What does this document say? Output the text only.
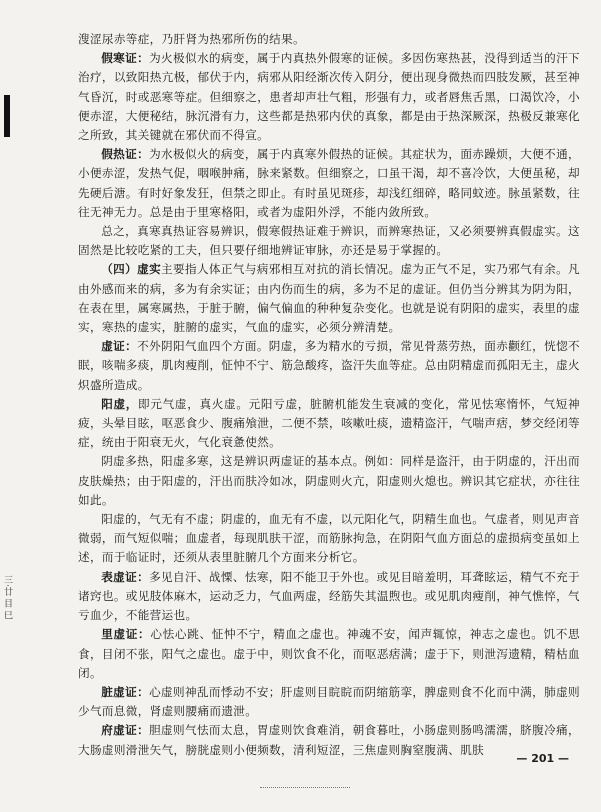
三·廿 目 巳

溲涩尿赤等症，乃肝肾为热邪所伤的结果。

假寒证：为火极似水的病变，属于内真热外假寒的证候。多因伤寒热甚，没得到适当的汗下治疗，以致阳热亢极，郁伏于内，病邪从阳经渐次传入阴分，便出现身微热而四肢发厥，甚至神气昏沉，时或恶寒等症。但细察之，患者却声壮气粗，形强有力，或者唇焦舌黑，口渴饮冷，小便赤涩，大便秘结，脉沉滑有力，这些都是热邪内伏的真象，都是由于热深厥深，热极反兼寒化之所致，其关键就在邪伏而不得宣。

假热证：为水极似火的病变，属于内真寒外假热的证候。其症状为，面赤躁烦，大便不通，小便赤涩，发热气促，咽喉肿痛，脉来紧数。但细察之，口虽干渴，却不喜冷饮，大便虽秘，却先硬后溏。有时好象发狂，但禁之即止。有时虽见斑疹，却浅红细碎，略同蚊迹。脉虽紧数，往往无神无力。总是由于里寒格阳，或者为虚阳外浮，不能内敛所致。

总之，真寒真热证容易辨识，假寒假热证难于辨识，而辨寒热证，又必须要辨真假虚实。这固然是比较吃紧的工夫，但只要仔细地辨证审脉，亦还是易于掌握的。

（四）虚实主要指人体正气与病邪相互对抗的消长情况。虚为正气不足，实乃邪气有余。凡由外感而来的病，多为有余实证；由内伤而生的病，多为不足的虚证。但仍当分辨其为阴为阳，在表在里，属寒属热，于脏于腑，偏气偏血的种种复杂变化。也就是说有阴阳的虚实，表里的虚实，寒热的虚实，脏腑的虚实，气血的虚实，必须分辨清楚。

虚证：不外阴阳气血四个方面。阴虚，多为精水的亏损，常见骨蒸劳热，面赤颧红，恍惚不眠，咳喘多痰，肌肉瘦削，怔忡不宁、筋急酸疼，盗汗失血等症。总由阴精虚而孤阳无主，虚火炽盛所造成。

阳虚，即元气虚，真火虚。元阳亏虚，脏腑机能发生衰减的变化，常见怯寒惰怀，气短神疲，头晕目眩，呕恶食少、腹痛飧泄，二便不禁，咳嗽吐痰，遗精盗汗，气喘声痞，梦交经闭等症，统由于阳衰无火，气化衰惫使然。

阴虚多热，阳虚多寒，这是辨识两虚证的基本点。例如：同样是盗汗，由于阴虚的，汗出而皮肤燥热；由于阳虚的，汗出而肤冷如冰，阴虚则火亢，阳虚则火熄也。辨识其它症状，亦往往如此。

阳虚的，气无有不虚；阴虚的，血无有不虚，以元阳化气，阴精生血也。气虚者，则见声音微弱，而气短似喘；血虚者，每现肌肤干涩，而筋脉拘急，在阴阳气血方面总的虚损病变虽如上述，而于临证时，还须从表里脏腑几个方面来分析它。

表虚证：多见自汗、战慄、怯寒，阳不能卫于外也。或见目暗羞明，耳聋眩运，精气不充于诸窍也。或见肢体麻木，运动乏力，气血两虚，经筋失其温煦也。或见肌肉瘦削，神气憔悴，气亏血少，不能营运也。

里虚证：心怯心跳、怔忡不宁，精血之虚也。神魂不安，闻声辄惊，神志之虚也。饥不思食，目闭不张，阳气之虚也。虚于中，则饮食不化，而呕恶痞满；虚于下，则泄泻遗精，精枯血闭。

脏虚证：心虚则神乱而悸动不安；肝虚则目睆睆而阴缩筋挛，脾虚则食不化而中满，肺虚则少气而息微，肾虚则腰痛而遗泄。

府虚证：胆虚则气怯而太息，胃虚则饮食难消，朝食暮吐，小肠虚则肠鸣濡濡，脐腹冷痛，大肠虚则滑泄矢气，膀胱虚则小便频数，清利短涩，三焦虚则胸窒腹满、肌肤

— 201 —
